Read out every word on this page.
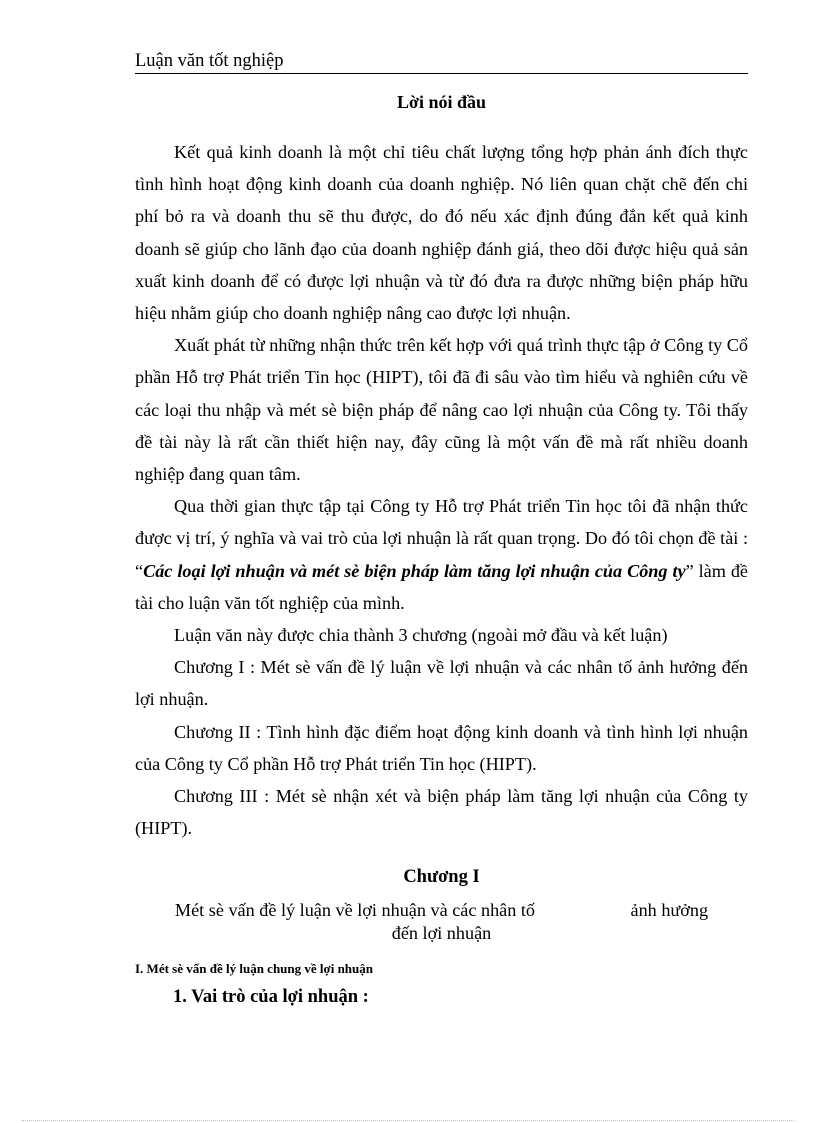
Luận văn tốt nghiệp
Lời nói đầu

Kết quả kinh doanh là một chỉ tiêu chất lượng tổng hợp phản ánh đích thực tình hình hoạt động kinh doanh của doanh nghiệp. Nó liên quan chặt chẽ đến chi phí bỏ ra và doanh thu sẽ thu được, do đó nếu xác định đúng đắn kết quả kinh doanh sẽ giúp cho lãnh đạo của doanh nghiệp đánh giá, theo dõi được hiệu quả sản xuất kinh doanh để có được lợi nhuận và từ đó đưa ra được những biện pháp hữu hiệu nhằm giúp cho doanh nghiệp nâng cao được lợi nhuận.

Xuất phát từ những nhận thức trên kết hợp với quá trình thực tập ở Công ty Cổ phần Hỗ trợ Phát triển Tin học (HIPT), tôi đã đi sâu vào tìm hiểu và nghiên cứu về các loại thu nhập và mét sè biện pháp để nâng cao lợi nhuận của Công ty. Tôi thấy đề tài này là rất cần thiết hiện nay, đây cũng là một vấn đề mà rất nhiều doanh nghiệp đang quan tâm.

Qua thời gian thực tập tại Công ty Hỗ trợ Phát triển Tin học tôi đã nhận thức được vị trí, ý nghĩa và vai trò của lợi nhuận là rất quan trọng. Do đó tôi chọn đề tài : “Các loại lợi nhuận và mét sè biện pháp làm tăng lợi nhuận của Công ty” làm đề tài cho luận văn tốt nghiệp của mình.

Luận văn này được chia thành 3 chương (ngoài mở đầu và kết luận)

Chương I : Mét sè vấn đề lý luận về lợi nhuận và các nhân tố ảnh hưởng đến lợi nhuận.

Chương II : Tình hình đặc điểm hoạt động kinh doanh và tình hình lợi nhuận của Công ty Cổ phần Hỗ trợ Phát triển Tin học (HIPT).

Chương III : Mét sè nhận xét và biện pháp làm tăng lợi nhuận của Công ty (HIPT).

Chương I
Mét sè vấn đề lý luận về lợi nhuận và các nhân tố                     ảnh hưởng
đến lợi nhuận
I. Mét sè vấn đề lý luận chung về lợi nhuận
1. Vai trò của lợi nhuận :
